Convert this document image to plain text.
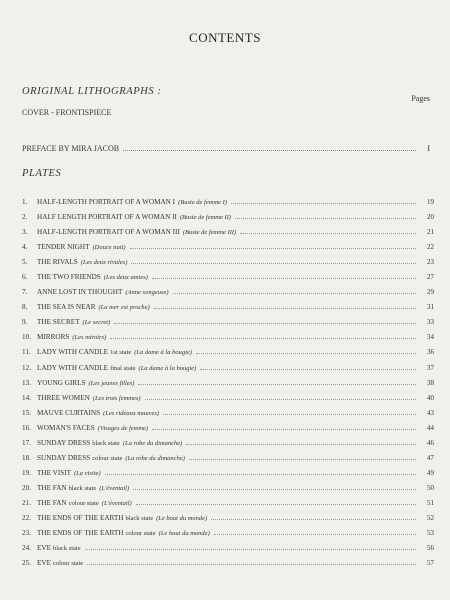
CONTENTS
ORIGINAL LITHOGRAPHS :
Pages
COVER - FRONTISPIECE
PREFACE BY MIRA JACOB	I
PLATES
1.	HALF-LENGTH PORTRAIT OF A WOMAN I (Buste de femme I)	19
2.	HALF LENGTH PORTRAIT OF A WOMAN II (Buste de femme II)	20
3.	HALF-LENGTH PORTRAIT OF A WOMAN III (Buste de femme III)	21
4.	TENDER NIGHT (Douce nuit)	22
5.	THE RIVALS (Les deux rivales)	23
6.	THE TWO FRIENDS (Les deux amies)	27
7.	ANNE LOST IN THOUGHT (Anne songeuse)	29
8.	THE SEA IS NEAR (La mer est proche)	31
9.	THE SECRET (Le secret)	33
10. MIRRORS (Les miroirs)	34
11. LADY WITH CANDLE 1st state (La dame à la bougie)	36
12. LADY WITH CANDLE final state (La dame à la bougie)	37
13. YOUNG GIRLS (Les jeunes filles)	38
14. THREE WOMEN (Les trois femmes)	40
15. MAUVE CURTAINS (Les rideaux mauves)	43
16. WOMAN'S FACES (Visages de femme)	44
17. SUNDAY DRESS black state (La robe du dimanche)	46
18. SUNDAY DRESS colour state (La robe du dimanche)	47
19. THE VISIT (La visite)	49
20. THE FAN black state (L'éventail)	50
21. THE FAN colour state (L'éventail)	51
22. THE ENDS OF THE EARTH black state (Le bout du monde)	52
23. THE ENDS OF THE EARTH colour state (Le bout du monde)	53
24. EVE black state	56
25. EVE colour state	57
